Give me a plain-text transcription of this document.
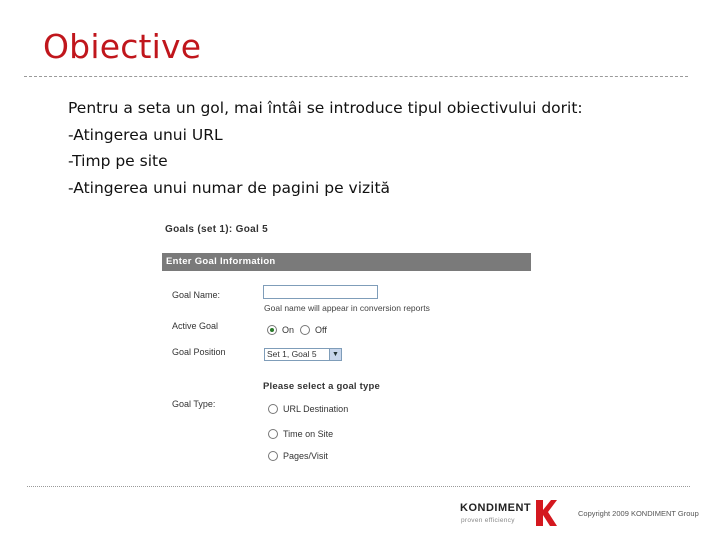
Obiective

Pentru a seta un gol, mai întâi se introduce tipul obiectivului dorit:

-Atingerea unui URL

-Timp pe site

-Atingerea unui numar de pagini pe vizită

Goals (set 1): Goal 5
Enter Goal Information
Goal Name:
Goal name will appear in conversion reports
Active Goal	On Off
Goal Position	Set 1, Goal 5	▼
Please select a goal type
Goal Type:	URL Destination
Time on Site
Pages/Visit
KONDIMENT
proven efficiency
Copyright 2009 KONDIMENT Group
